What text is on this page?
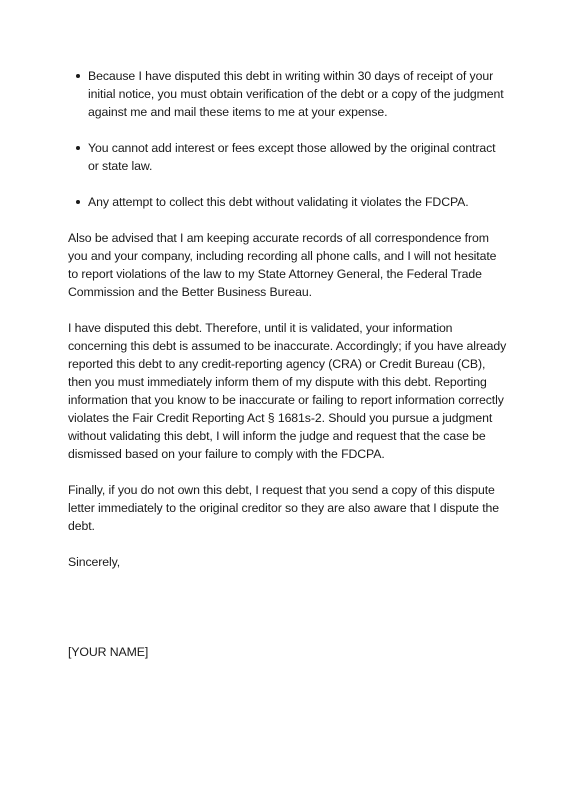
Because I have disputed this debt in writing within 30 days of receipt of your initial notice, you must obtain verification of the debt or a copy of the judgment against me and mail these items to me at your expense.
You cannot add interest or fees except those allowed by the original contract or state law.
Any attempt to collect this debt without validating it violates the FDCPA.

Also be advised that I am keeping accurate records of all correspondence from you and your company, including recording all phone calls, and I will not hesitate to report violations of the law to my State Attorney General, the Federal Trade Commission and the Better Business Bureau.

I have disputed this debt. Therefore, until it is validated, your information concerning this debt is assumed to be inaccurate. Accordingly; if you have already reported this debt to any credit-reporting agency (CRA) or Credit Bureau (CB), then you must immediately inform them of my dispute with this debt. Reporting information that you know to be inaccurate or failing to report information correctly violates the Fair Credit Reporting Act § 1681s-2. Should you pursue a judgment without validating this debt, I will inform the judge and request that the case be dismissed based on your failure to comply with the FDCPA.

Finally, if you do not own this debt, I request that you send a copy of this dispute letter immediately to the original creditor so they are also aware that I dispute the debt.

Sincerely,

[YOUR NAME]
